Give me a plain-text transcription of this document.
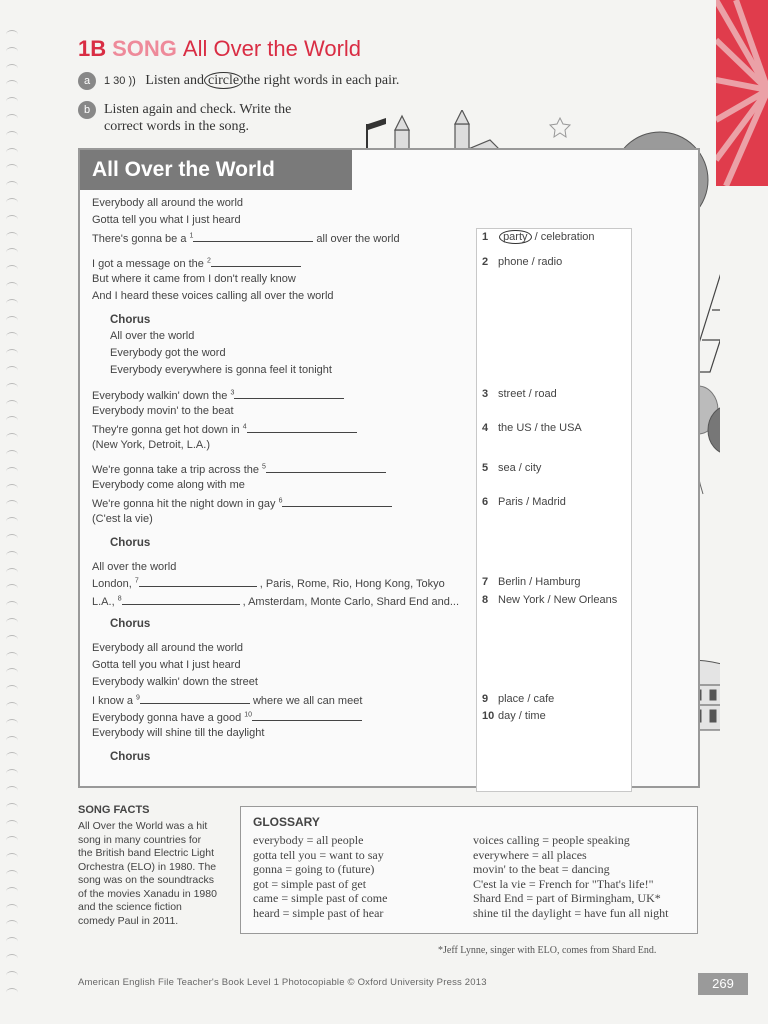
1B SONG All Over the World
a 1 30 )) Listen and circle the right words in each pair.
b Listen again and check. Write the
correct words in the song.
All Over the World
Everybody all around the world
Gotta tell you what I just heard
There's gonna be a $^1$	all over the world
I got a message on the $^2$
But where it came from I don't really know
And I heard these voices calling all over the world
All over the world
Everybody got the word
Everybody everywhere is gonna feel it tonight
Everybody walkin' down the $^3$
Everybody movin' to the beat
They're gonna get hot down in $^4$
(New York, Detroit, L.A.)
We're gonna take a trip across the $^5$
Everybody come along with me
We're gonna hit the night down in gay $^6$
(C'est la vie)
All over the world
London, $^7$	, Paris, Rome, Rio, Hong Kong, Tokyo
L.A., $^8$	, Amsterdam, Monte Carlo, Shard End and...
Everybody all around the world
Gotta tell you what I just heard
Everybody walkin' down the street
I know a $^9$	where we all can meet
Everybody gonna have a good $^{10}$
Everybody will shine till the daylight
Chorus
Chorus
Chorus
Chorus
1 party / celebration
2 phone / radio
3 street / road
4 the US / the USA
5 sea / city
6 Paris / Madrid
7 Berlin / Hamburg
8 New York / New Orleans
9 place / cafe
10 day / time
SONG FACTS
All Over the World was a hit
song in many countries for
the British band Electric Light
Orchestra (ELO) in 1980. The
song was on the soundtracks
of the movies Xanadu in 1980
and the science fiction
comedy Paul in 2011.
GLOSSARY
everybody = all people
gotta tell you = want to say
gonna = going to (future)
got = simple past of get
came = simple past of come
heard = simple past of hear
voices calling = people speaking
everywhere = all places
movin' to the beat = dancing
C'est la vie = French for "That's life!"
Shard End = part of Birmingham, UK*
shine til the daylight = have fun all night
*Jeff Lynne, singer with ELO, comes from Shard End.
American English File Teacher's Book Level 1 Photocopiable © Oxford University Press 2013	269
